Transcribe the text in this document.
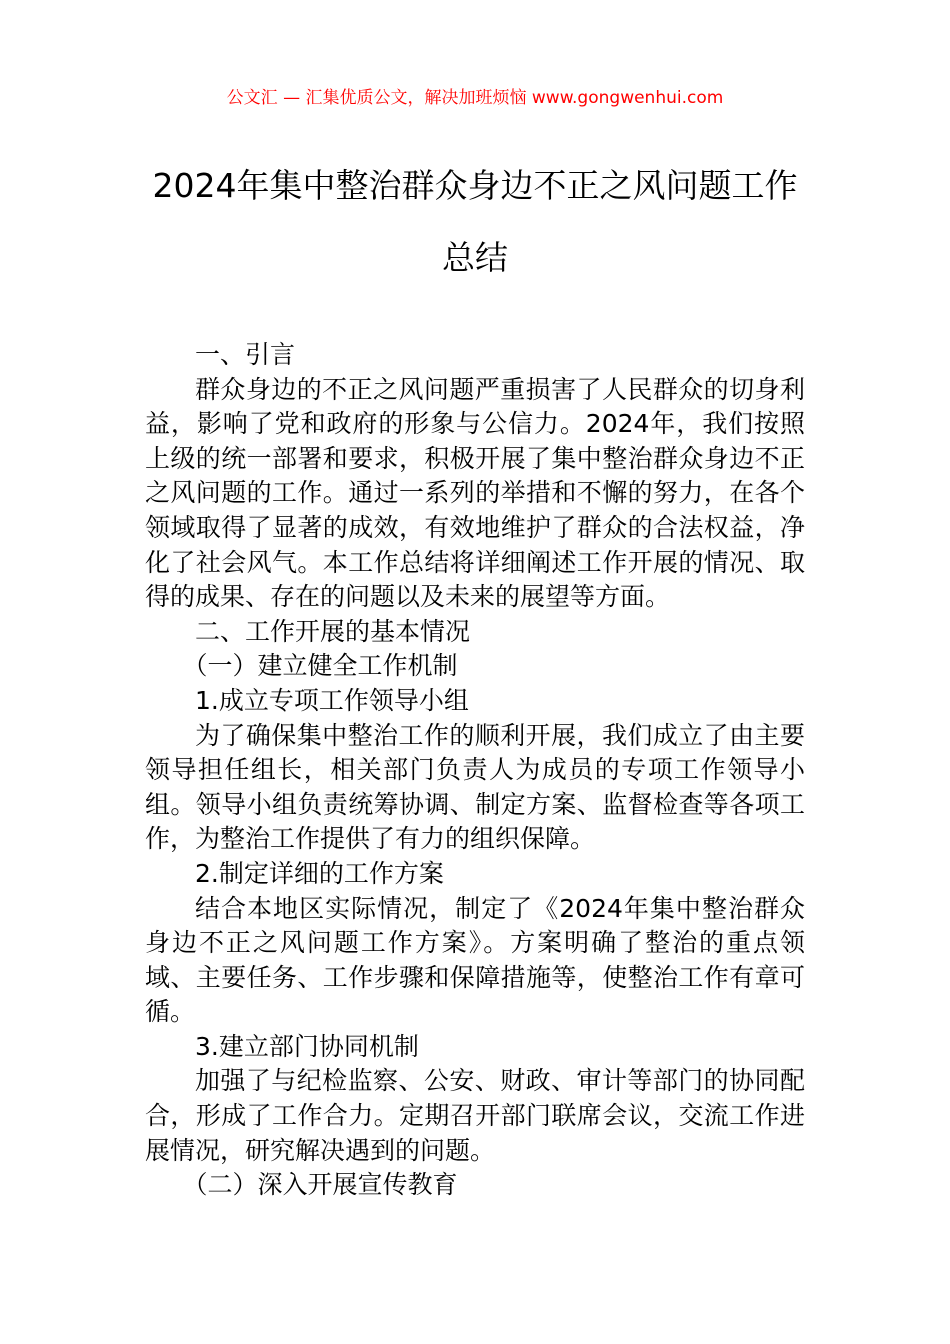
公文汇 — 汇集优质公文，解决加班烦恼 www.gongwenhui.com
2024年集中整治群众身边不正之风问题工作总结

一、引言

群众身边的不正之风问题严重损害了人民群众的切身利益，影响了党和政府的形象与公信力。2024年，我们按照上级的统一部署和要求，积极开展了集中整治群众身边不正之风问题的工作。通过一系列的举措和不懈的努力，在各个领域取得了显著的成效，有效地维护了群众的合法权益，净化了社会风气。本工作总结将详细阐述工作开展的情况、取得的成果、存在的问题以及未来的展望等方面。

二、工作开展的基本情况

（一）建立健全工作机制

1.成立专项工作领导小组

为了确保集中整治工作的顺利开展，我们成立了由主要领导担任组长，相关部门负责人为成员的专项工作领导小组。领导小组负责统筹协调、制定方案、监督检查等各项工作，为整治工作提供了有力的组织保障。

2.制定详细的工作方案

结合本地区实际情况，制定了《2024年集中整治群众身边不正之风问题工作方案》。方案明确了整治的重点领域、主要任务、工作步骤和保障措施等，使整治工作有章可循。

3.建立部门协同机制

加强了与纪检监察、公安、财政、审计等部门的协同配合，形成了工作合力。定期召开部门联席会议，交流工作进展情况，研究解决遇到的问题。

（二）深入开展宣传教育
